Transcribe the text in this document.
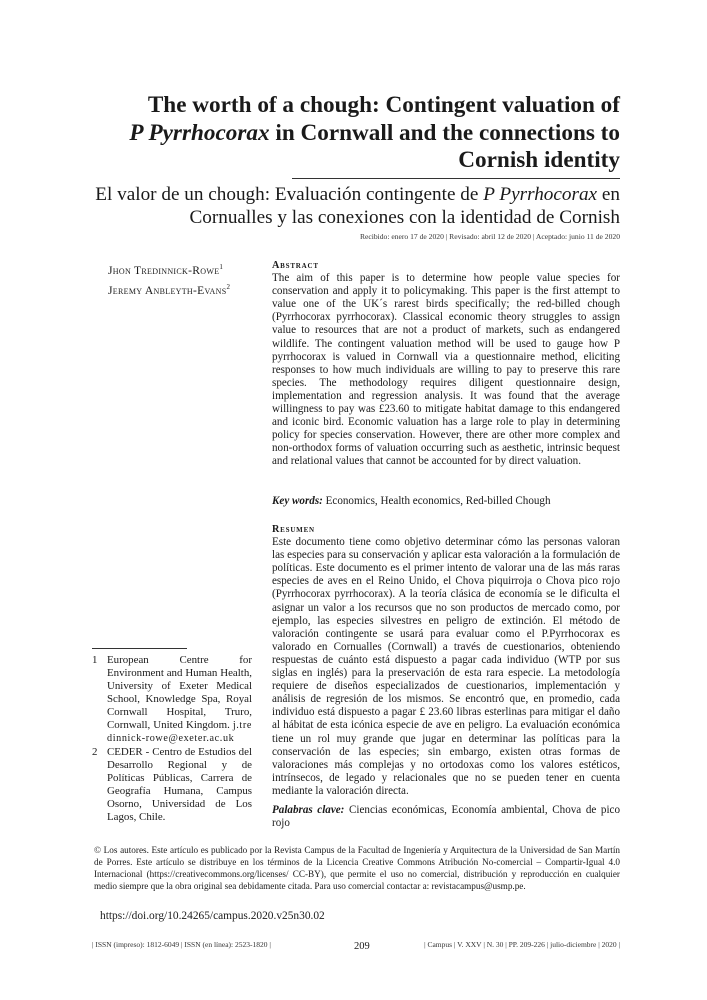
The worth of a chough: Contingent valuation of
P Pyrrhocorax in Cornwall and the connections to
Cornish identity
El valor de un chough: Evaluación contingente de P Pyrrhocorax en
Cornualles y las conexiones con la identidad de Cornish
Recibido: enero 17 de 2020 | Revisado: abril 12 de 2020 | Aceptado: junio 11 de 2020
Jhon Tredinnick-Rowe$^1$
Jeremy Anbleyth-Evans$^2$
Abstract
The aim of this paper is to determine how people value species for conservation and apply it to policymaking. This paper is the first attempt to value one of the UK´s rarest birds specifically; the red-billed chough (Pyrrhocorax pyrrhocorax). Classical economic theory struggles to assign value to resources that are not a product of markets, such as endangered wildlife. The contingent valuation method will be used to gauge how P pyrrhocorax is valued in Cornwall via a questionnaire method, eliciting responses to how much individuals are willing to pay to preserve this rare species. The methodology requires diligent questionnaire design, implementation and regression analysis. It was found that the average willingness to pay was £23.60 to mitigate habitat damage to this endangered and iconic bird. Economic valuation has a large role to play in determining policy for species conservation. However, there are other more complex and non-orthodox forms of valuation occurring such as aesthetic, intrinsic bequest and relational values that cannot be accounted for by direct valuation.
Key words: Economics, Health economics, Red-billed Chough
Resumen
Este documento tiene como objetivo determinar cómo las personas valoran las especies para su conservación y aplicar esta valoración a la formulación de políticas. Este documento es el primer intento de valorar una de las más raras especies de aves en el Reino Unido, el Chova piquirroja o Chova pico rojo (Pyrrhocorax pyrrhocorax). A la teoría clásica de economía se le dificulta el asignar un valor a los recursos que no son productos de mercado como, por ejemplo, las especies silvestres en peligro de extinción. El método de valoración contingente se usará para evaluar como el P.Pyrrhocorax es valorado en Cornualles (Cornwall) a través de cuestionarios, obteniendo respuestas de cuánto está dispuesto a pagar cada individuo (WTP por sus siglas en inglés) para la preservación de esta rara especie. La metodología requiere de diseños especializados de cuestionarios, implementación y análisis de regresión de los mismos. Se encontró que, en promedio, cada individuo está dispuesto a pagar £ 23.60 libras esterlinas para mitigar el daño al hábitat de esta icónica especie de ave en peligro. La evaluación económica tiene un rol muy grande que jugar en determinar las políticas para la conservación de las especies; sin embargo, existen otras formas de valoraciones más complejas y no ortodoxas como los valores estéticos, intrínsecos, de legado y relacionales que no se pueden tener en cuenta mediante la valoración directa.
Palabras clave: Ciencias económicas, Economía ambiental, Chova de pico rojo
1 European Centre for Environment and Human Health, University of Exeter Medical School, Knowledge Spa, Royal Cornwall Hospital, Truro, Cornwall, United Kingdom. j.tredinnick-rowe@exeter.ac.uk
2 CEDER - Centro de Estudios del Desarrollo Regional y de Políticas Públicas, Carrera de Geografía Humana, Campus Osorno, Universidad de Los Lagos, Chile.
© Los autores. Este artículo es publicado por la Revista Campus de la Facultad de Ingeniería y Arquitectura de la Universidad de San Martín de Porres. Este artículo se distribuye en los términos de la Licencia Creative Commons Atribución No-comercial – Compartir-Igual 4.0 Internacional (https://creativecommons.org/licenses/ CC-BY), que permite el uso no comercial, distribución y reproducción en cualquier medio siempre que la obra original sea debidamente citada. Para uso comercial contactar a: revistacampus@usmp.pe.
https://doi.org/10.24265/campus.2020.v25n30.02
| ISSN (impreso): 1812-6049 | ISSN (en línea): 2523-1820 |	209	| Campus | V. XXV | N. 30 | PP. 209-226 | julio-diciembre | 2020 |
